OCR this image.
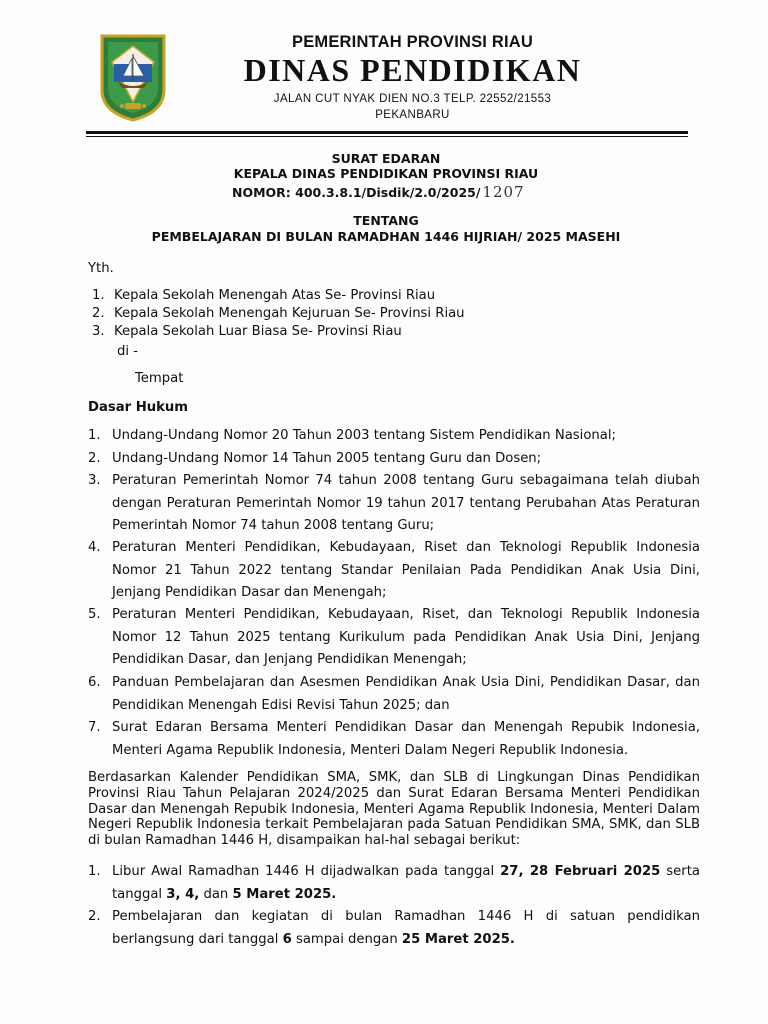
PEMERINTAH PROVINSI RIAU
DINAS PENDIDIKAN
JALAN CUT NYAK DIEN NO.3 TELP. 22552/21553
PEKANBARU
SURAT EDARAN
KEPALA DINAS PENDIDIKAN PROVINSI RIAU
NOMOR: 400.3.8.1/Disdik/2.0/2025/ 1207
TENTANG
PEMBELAJARAN DI BULAN RAMADHAN 1446 HIJRIAH/ 2025 MASEHI
Yth.
1. Kepala Sekolah Menengah Atas Se- Provinsi Riau
2. Kepala Sekolah Menengah Kejuruan Se- Provinsi Riau
3. Kepala Sekolah Luar Biasa Se- Provinsi Riau
di -
Tempat
Dasar Hukum
1. Undang-Undang Nomor 20 Tahun 2003 tentang Sistem Pendidikan Nasional;
2. Undang-Undang Nomor 14 Tahun 2005 tentang Guru dan Dosen;
3. Peraturan Pemerintah Nomor 74 tahun 2008 tentang Guru sebagaimana telah diubah dengan Peraturan Pemerintah Nomor 19 tahun 2017 tentang Perubahan Atas Peraturan Pemerintah Nomor 74 tahun 2008 tentang Guru;
4. Peraturan Menteri Pendidikan, Kebudayaan, Riset dan Teknologi Republik Indonesia Nomor 21 Tahun 2022 tentang Standar Penilaian Pada Pendidikan Anak Usia Dini, Jenjang Pendidikan Dasar dan Menengah;
5. Peraturan Menteri Pendidikan, Kebudayaan, Riset, dan Teknologi Republik Indonesia Nomor 12 Tahun 2025 tentang Kurikulum pada Pendidikan Anak Usia Dini, Jenjang Pendidikan Dasar, dan Jenjang Pendidikan Menengah;
6. Panduan Pembelajaran dan Asesmen Pendidikan Anak Usia Dini, Pendidikan Dasar, dan Pendidikan Menengah Edisi Revisi Tahun 2025; dan
7. Surat Edaran Bersama Menteri Pendidikan Dasar dan Menengah Repubik Indonesia, Menteri Agama Republik Indonesia, Menteri Dalam Negeri Republik Indonesia.
Berdasarkan Kalender Pendidikan SMA, SMK, dan SLB di Lingkungan Dinas Pendidikan Provinsi Riau Tahun Pelajaran 2024/2025 dan Surat Edaran Bersama Menteri Pendidikan Dasar dan Menengah Repubik Indonesia, Menteri Agama Republik Indonesia, Menteri Dalam Negeri Republik Indonesia terkait Pembelajaran pada Satuan Pendidikan SMA, SMK, dan SLB di bulan Ramadhan 1446 H, disampaikan hal-hal sebagai berikut:
1. Libur Awal Ramadhan 1446 H dijadwalkan pada tanggal 27, 28 Februari 2025 serta tanggal 3, 4, dan 5 Maret 2025.
2. Pembelajaran dan kegiatan di bulan Ramadhan 1446 H di satuan pendidikan berlangsung dari tanggal 6 sampai dengan 25 Maret 2025.
